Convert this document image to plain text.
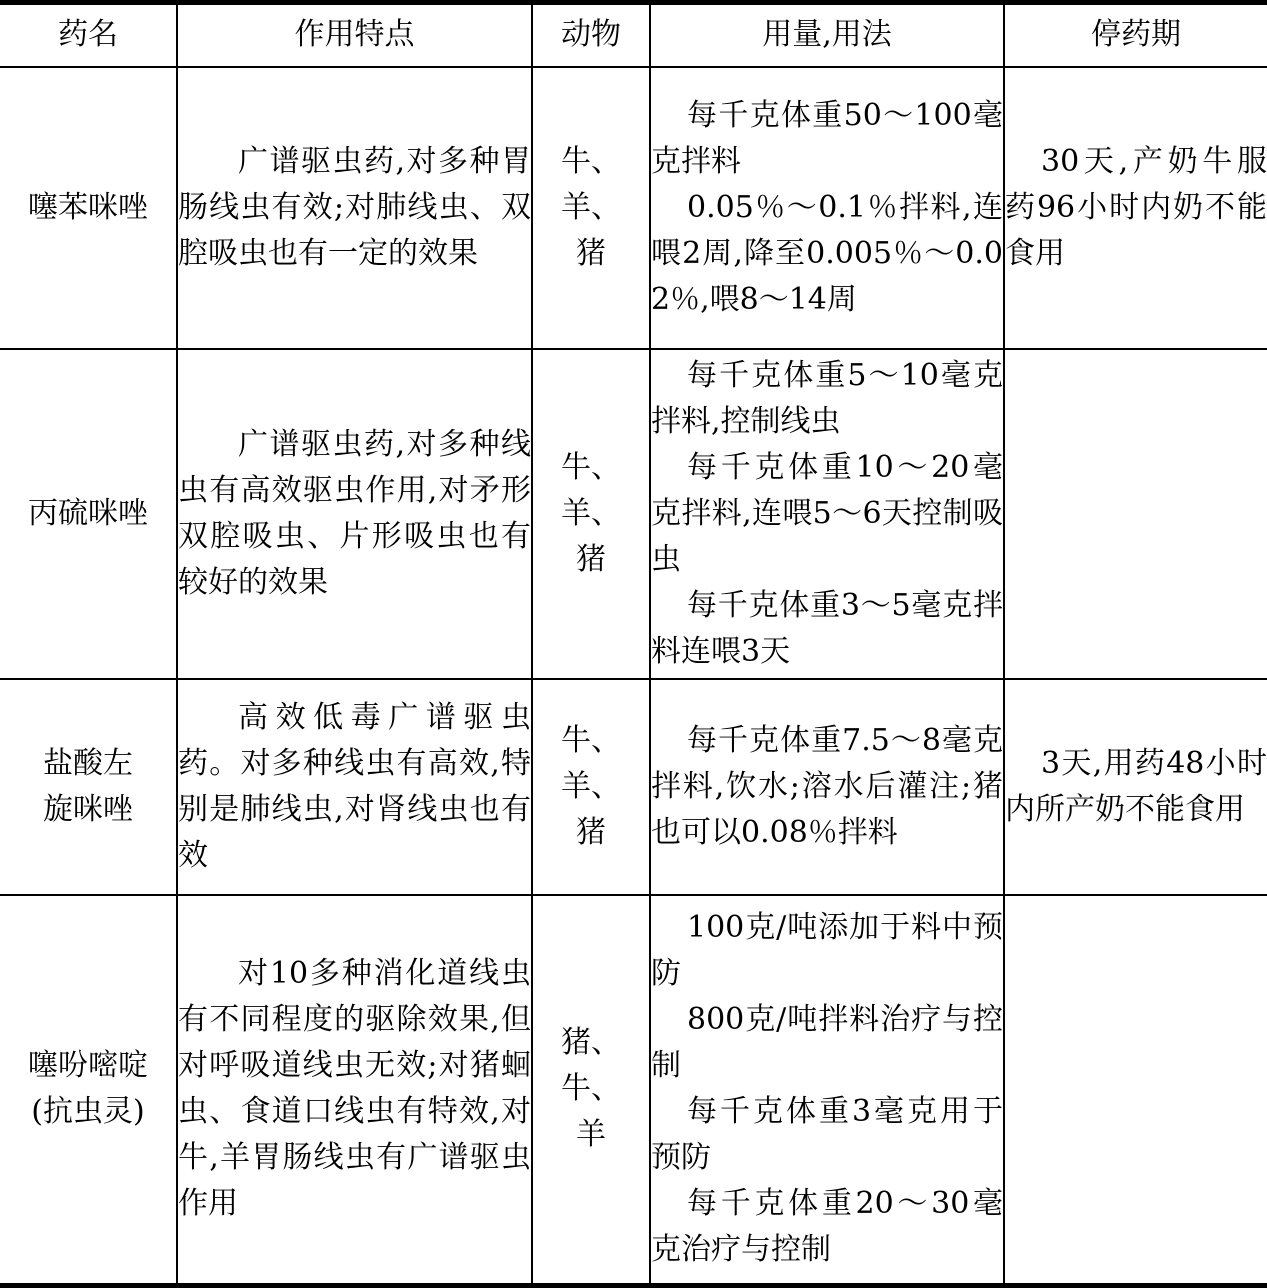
药名	作用特点	动物	用量,用法	停药期

噻苯咪唑	广谱驱虫药,对多种胃肠线虫有效;对肺线虫、双腔吸虫也有一定的效果	牛、
羊、
猪	每千克体重50～100毫克拌料
0.05％～0.1％拌料,连喂2周,降至0.005％～0.02％,喂8～14周	30天,产奶牛服药96小时内奶不能食用

丙硫咪唑	广谱驱虫药,对多种线虫有高效驱虫作用,对矛形双腔吸虫、片形吸虫也有较好的效果	牛、
羊、
猪	每千克体重5～10毫克拌料,控制线虫
每千克体重10～20毫克拌料,连喂5～6天控制吸虫
每千克体重3～5毫克拌料连喂3天	

盐酸左
旋咪唑	高效低毒广谱驱虫药。对多种线虫有高效,特别是肺线虫,对肾线虫也有效	牛、
羊、
猪	每千克体重7.5～8毫克拌料,饮水;溶水后灌注;猪也可以0.08％拌料	3天,用药48小时内所产奶不能食用

噻吩嘧啶
(抗虫灵)	对10多种消化道线虫有不同程度的驱除效果,但对呼吸道线虫无效;对猪蛔虫、食道口线虫有特效,对牛,羊胃肠线虫有广谱驱虫作用	猪、
牛、
羊	100克/吨添加于料中预防
800克/吨拌料治疗与控制
每千克体重3毫克用于预防
每千克体重20～30毫克治疗与控制	
